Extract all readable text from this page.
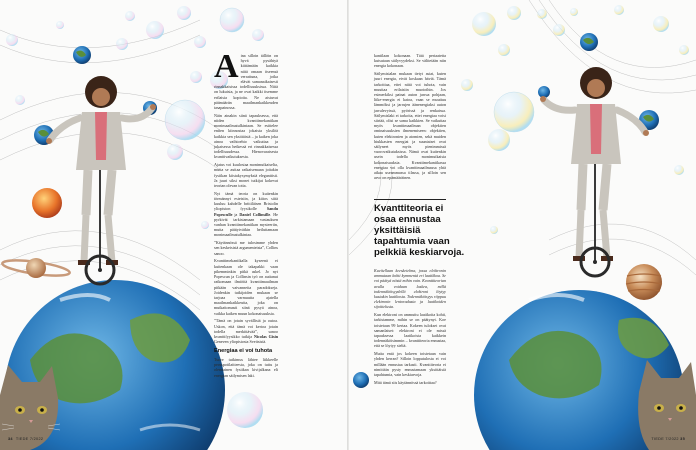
Aina silloin tällöin on hyvä pysähtyä kiittämään kaikkia niitä omaan itseensä verrattuna, jotka elävät samanaikaisesti rinnakkaisissa todellisuuksissa. Niitä on lukuisia, ja ne ovat kaikki itsemme erilaisia kopioita. Ne aistuvat päämäärän maailmankaikkeuden tasapainossa.

Näin ainakin siinä tapauksessa, että niiden kvanttimekaniikan monimaailmatulkintaan. Se esittelee eniten kiinnostaa jokaista yksilöä kaikkia sen yksittäistä – ja kaiken joka ainoa vaihtoehto vaikuttaa ja jokaisessa hetkessä eri rinnakkaisessa todellisuudessa. Hienovaraisesta kvanttivaikutuksesta.

Ajatus voi kuulostaa monimutkaiselta, mutta se auttaa ratkaisemaan joitakin fysiikan kiistakysymyksiä eleganttisti. Ja juuri siksi monet tutkijat kokevat teorian olevan totta.

Nyt tämä teoria on kuitenkin törmännyt esteisiin, ja kiitos siitä kuuluu kahdelle brittiläisen Bristolin yliopiston fyysikolle Sandu Popesculle ja Daniel Collinsille. He pyrkivät tarkistamaan vastauksen vanhan kvanttimekaniikan mysteeriin, mutta päätyivätkin heiluttamaan monimaailmatulkintaa.

”Käytännössä me tulosimme yhden sen keskeisistä argumenteista”, Collins sanoo.

Kvanttimekaniikalla kyseenä ei kuitenkaan ole takapakki vaan pikemminkin pitkä askel. Jo nyt Popescun ja Collinsin työ on auttanut ratkomaan ilmiöitä kvanttimaailman pitkään vaivanneita paradokseja. Joidenkin tutkijoiden mukaan se tarjoaa varmuutta ajatella maailmankaikkeutta, joka on mutkattomasti siinä pysyä ainoa, vaikka kaiken muun kokonaisuuksia.

”Tämä on jotain syvällistä ja outoa. Uskon, että tämä voi kertoa jotain todella merkittävää”, sanoo kvanttifyysikko tutkija Nicolas Gisin Geneven yliopistosta Sveitsistä.

Energiaa ei voi tuhota

Tuore tutkimus lähtee liikkeelle peruspotilaitteesta, joka on tuttu ja olennainen fysiikan kivijalkana eli energian säilymisen laki.

34 TIEDE 7/2022

kantilaan kokonaan. Tätä periaatetta kutsutaan säilyvyydeksi. Se välitetään niin energia kokonaan.

Säilymisialan mukaan tietyt asiat, kuten juuri energia, eivät koskaan häviä. Tämä tarkoittaa, ettei niitä voi tuhota, vain muuttaa erilaisiin muotoihin. Jos esimerkiksi painat auton jarrua pohjaan, liike-energia ei katoa, vaan se muuttuu lämmöksi ja jarrujen äänenergiaksi auton jarrulevyissä, pyörissä ja renkaissa. Säilymislaki ei tarkoita, ettei energiaa voisi siirtää, olisi se sama kaikkien. Se vaikuttaa myös kvanttimaailman objektien ominaisuuksien ilmenemiseen: objektien, kuten elektronien ja atomien, sekä muiden hiukkasten energiat ja suuntaiset ovat säilyneet myös pienimmissä vuorovaikutuksissa. Nämä ovat kuitenkin usein todella monimutkaisia kokonaisuuksia. Kvanttimekaniikassa energiaa voi olla kvanttimaailmassa yhtä aikaa useammassa tilassa, ja silloin sen arvo on epämääräinen.

Kvanttiteoria ei osaa ennustaa yksittäisiä tapahtumia vaan pelkkiä keskiarvoja.

Kuvitellaan keesketelma, jossa elektronin ammutaan kohti kymmentä eri laatikkoa. Se voi päätyä niistä mihin vain. Kvanttiteorian avulla voidaan laskea, millä todennäköisyydellä elektroni löytyy kustakin laatikosta. Todennäköisyys riippuu elektronin lentoradasta ja laatikoiden sijoittelusta.

Kun elektroni on ammuttu laatikoita kohti, tarkistamme, mihin se on päätynyt. Koe toistetaan 99 kertaa. Kokeen tulokset ovat samanlaiset: elektroni ei ole missä tapauksessa laatikoista kaikkein todennäköisimmin – kvanttiteoria ennustaa, että se löytyy sieltä.

Mutta entä jos kokeen toistetaan vain yhden kerran? Silloin lopputulosta ei voi millään ennustaa tarkasti. Kvanttiteoria ei nimittäin pysty ennustamaan yksittäisiä tapahtumia, vain keskiarvoja.

Mitä tämä siis käytännössä tarkoittaa?

TIEDE 7/2022 35
